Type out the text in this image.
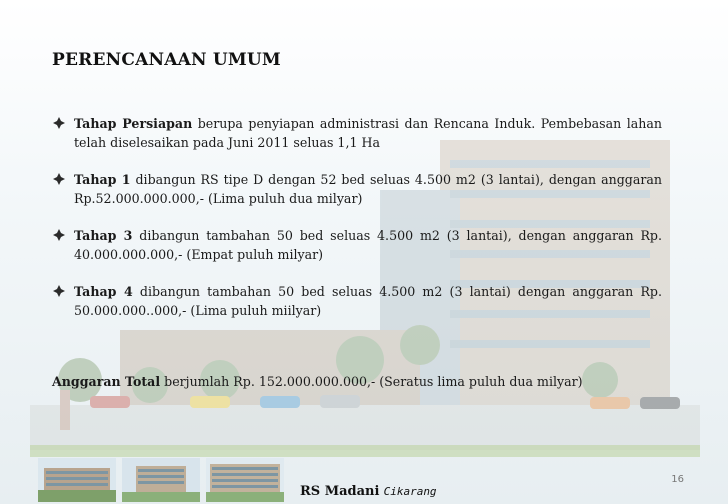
PERENCANAAN UMUM
Tahap Persiapan berupa penyiapan administrasi dan Rencana Induk. Pembebasan lahan telah diselesaikan pada Juni 2011 seluas 1,1 Ha
Tahap 1 dibangun RS tipe D dengan 52 bed seluas 4.500 m2 (3 lantai), dengan anggaran Rp.52.000.000.000,- (Lima puluh dua milyar)
Tahap 3 dibangun tambahan 50 bed seluas 4.500 m2 (3 lantai), dengan anggaran Rp. 40.000.000.000,- (Empat puluh milyar)
Tahap 4 dibangun tambahan 50 bed seluas 4.500 m2 (3 lantai) dengan anggaran Rp. 50.000.000..000,- (Lima puluh miilyar)
Anggaran Total berjumlah Rp. 152.000.000.000,- (Seratus lima puluh dua milyar)
16
RS Madani Cikarang
